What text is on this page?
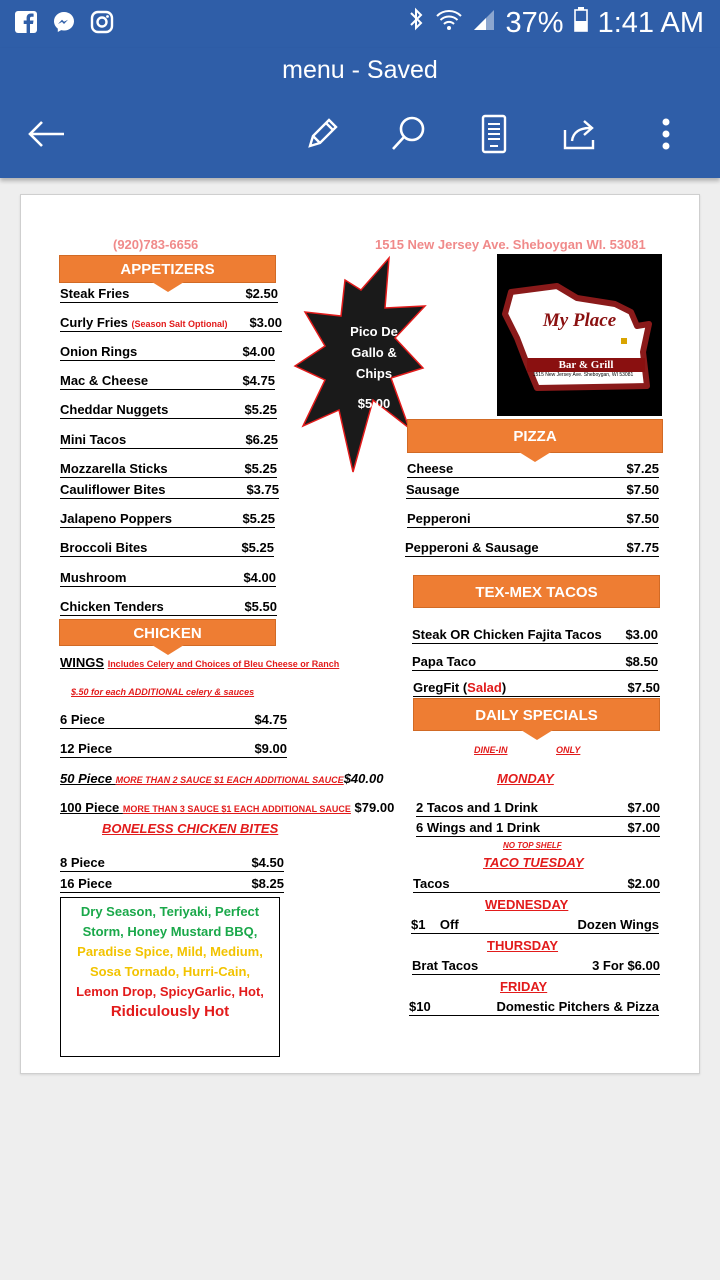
37% 1:41 AM
menu - Saved
(920)783-6656	1515 New Jersey Ave. Sheboygan WI. 53081
APPETIZERS
Steak Fries	$2.50
Curly Fries (Season Salt Optional) $3.00
Onion Rings	$4.00
Mac & Cheese	$4.75
Cheddar Nuggets	$5.25
Mini Tacos	$6.25
Mozzarella Sticks	$5.25
Cauliflower Bites	$3.75
Jalapeno Poppers	$5.25
Broccoli Bites	$5.25
Mushroom	$4.00
Chicken Tenders	$5.50
Pico De
Gallo &
Chips
$5.00
My Place
Bar & Grill
1515 New Jersey Ave. Sheboygan, WI 53081
PIZZA
Cheese	$7.25
Sausage	$7.50
Pepperoni	$7.50
Pepperoni & Sausage	$7.75
TEX-MEX TACOS
Steak OR Chicken Fajita Tacos $3.00
Papa Taco	$8.50
GregFit (Salad)	$7.50
DAILY SPECIALS
DINE-IN	ONLY
MONDAY
2 Tacos and 1 Drink	$7.00
6 Wings and 1 Drink	$7.00
NO TOP SHELF
TACO TUESDAY
Tacos	$2.00
WEDNESDAY
$1 Off	Dozen Wings
THURSDAY
Brat Tacos	3 For $6.00
FRIDAY
$10	Domestic Pitchers & Pizza
CHICKEN
WINGS Includes Celery and Choices of Bleu Cheese or Ranch
$.50 for each ADDITIONAL celery & sauces
6 Piece	$4.75
12 Piece	$9.00
50 Piece MORE THAN 2 SAUCE $1 EACH ADDITIONAL SAUCE$40.00
100 Piece MORE THAN 3 SAUCE $1 EACH ADDITIONAL SAUCE $79.00
BONELESS CHICKEN BITES
8 Piece	$4.50
16 Piece	$8.25
Dry Season, Teriyaki, Perfect Storm, Honey Mustard BBQ,
Paradise Spice, Mild, Medium, Sosa Tornado, Hurri-Cain,
Lemon Drop, SpicyGarlic, Hot,
Ridiculously Hot
